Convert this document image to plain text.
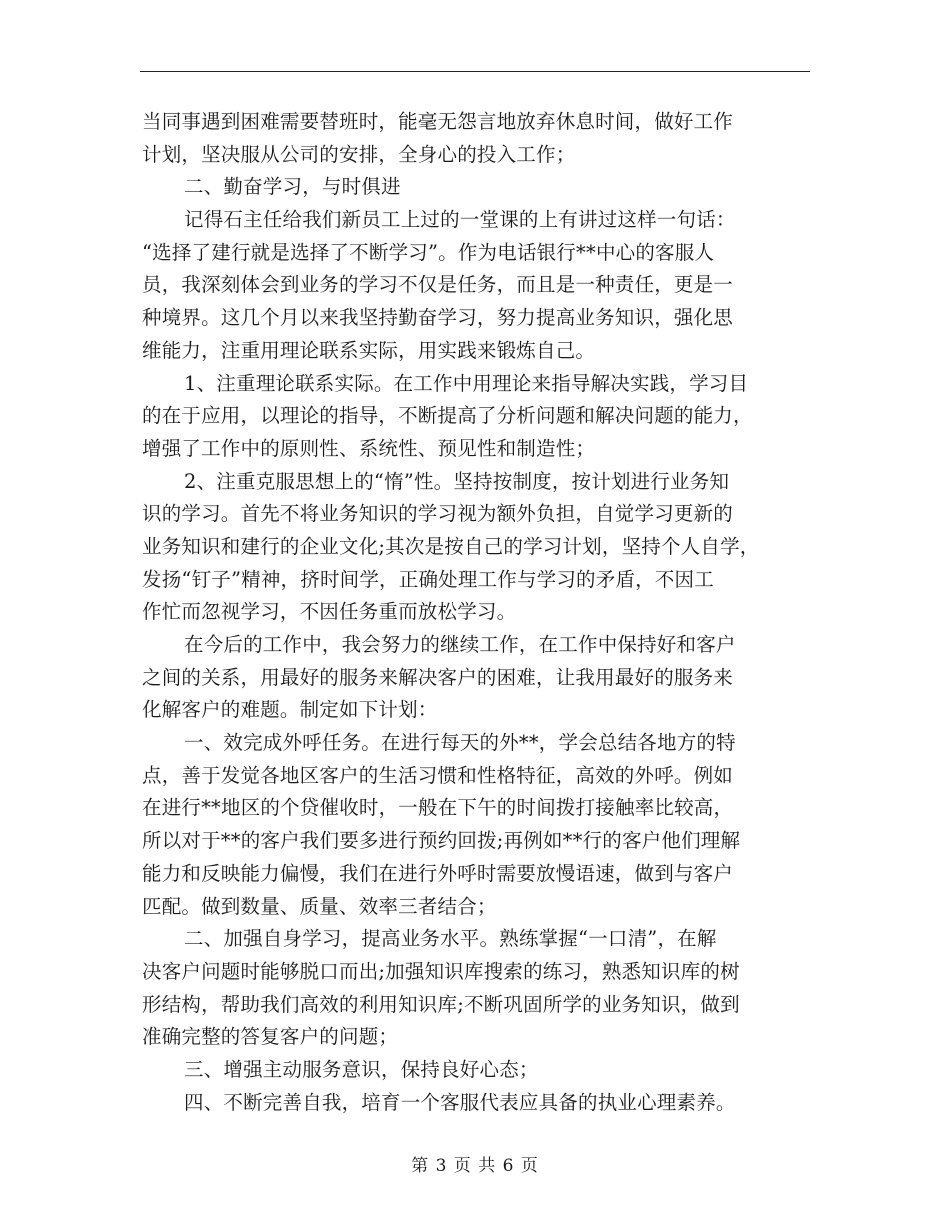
当同事遇到困难需要替班时，能毫无怨言地放弃休息时间，做好工作
计划，坚决服从公司的安排，全身心的投入工作；
二、勤奋学习，与时俱进
记得石主任给我们新员工上过的一堂课的上有讲过这样一句话：
“选择了建行就是选择了不断学习”。作为电话银行**中心的客服人
员，我深刻体会到业务的学习不仅是任务，而且是一种责任，更是一
种境界。这几个月以来我坚持勤奋学习，努力提高业务知识，强化思
维能力，注重用理论联系实际，用实践来锻炼自己。
1、注重理论联系实际。在工作中用理论来指导解决实践，学习目
的在于应用，以理论的指导，不断提高了分析问题和解决问题的能力，
增强了工作中的原则性、系统性、预见性和制造性；
2、注重克服思想上的“惰”性。坚持按制度，按计划进行业务知
识的学习。首先不将业务知识的学习视为额外负担，自觉学习更新的
业务知识和建行的企业文化;其次是按自己的学习计划，坚持个人自学，
发扬“钉子”精神，挤时间学，正确处理工作与学习的矛盾，不因工
作忙而忽视学习，不因任务重而放松学习。
在今后的工作中，我会努力的继续工作，在工作中保持好和客户
之间的关系，用最好的服务来解决客户的困难，让我用最好的服务来
化解客户的难题。制定如下计划：
一、效完成外呼任务。在进行每天的外**，学会总结各地方的特
点，善于发觉各地区客户的生活习惯和性格特征，高效的外呼。例如
在进行**地区的个贷催收时，一般在下午的时间拨打接触率比较高，
所以对于**的客户我们要多进行预约回拨;再例如**行的客户他们理解
能力和反映能力偏慢，我们在进行外呼时需要放慢语速，做到与客户
匹配。做到数量、质量、效率三者结合；
二、加强自身学习，提高业务水平。熟练掌握“一口清”，在解
决客户问题时能够脱口而出;加强知识库搜索的练习，熟悉知识库的树
形结构，帮助我们高效的利用知识库;不断巩固所学的业务知识，做到
准确完整的答复客户的问题；
三、增强主动服务意识，保持良好心态；
四、不断完善自我，培育一个客服代表应具备的执业心理素养。
第 3 页 共 6 页
